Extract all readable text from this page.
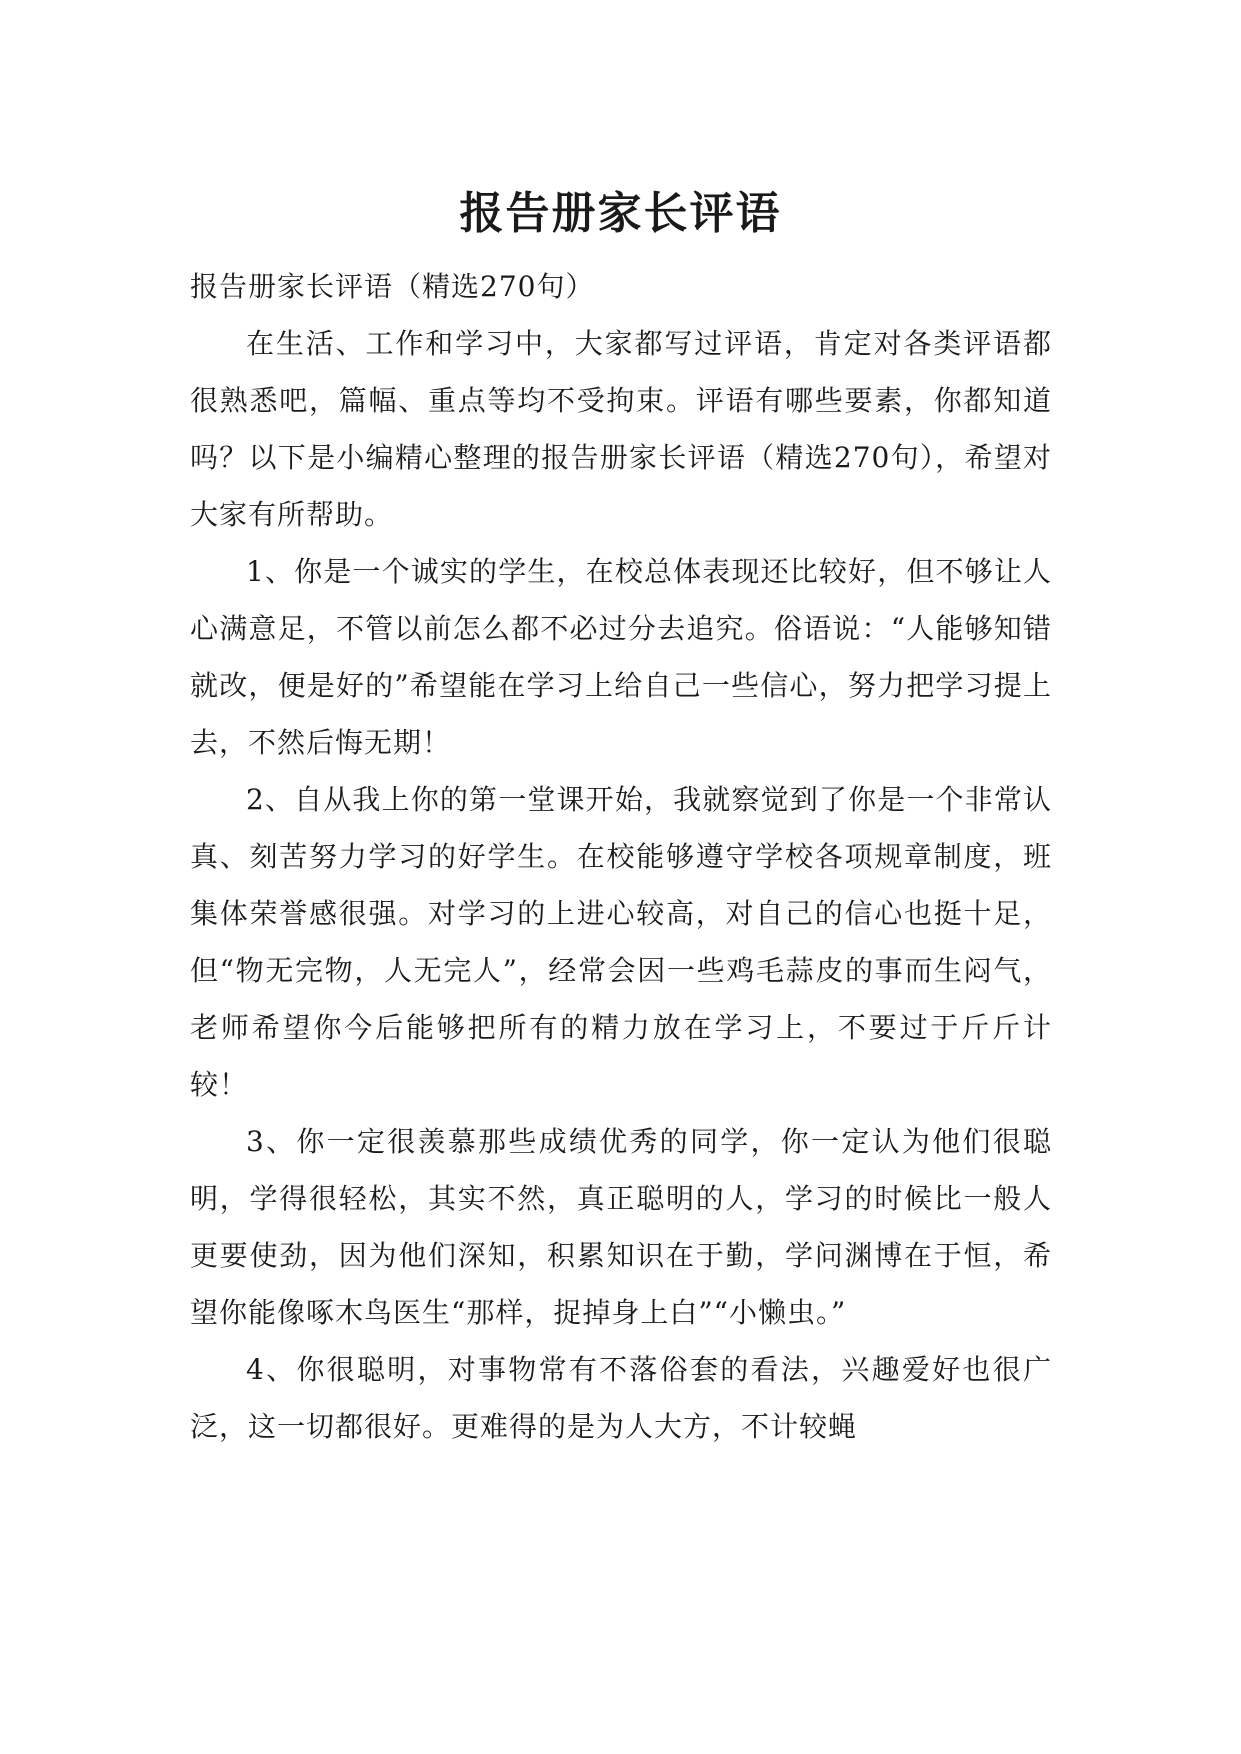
报告册家长评语

报告册家长评语（精选270句）

在生活、工作和学习中，大家都写过评语，肯定对各类评语都很熟悉吧，篇幅、重点等均不受拘束。评语有哪些要素，你都知道吗？以下是小编精心整理的报告册家长评语（精选270句），希望对大家有所帮助。

1、你是一个诚实的学生，在校总体表现还比较好，但不够让人心满意足，不管以前怎么都不必过分去追究。俗语说：“人能够知错就改，便是好的”希望能在学习上给自己一些信心，努力把学习提上去，不然后悔无期！

2、自从我上你的第一堂课开始，我就察觉到了你是一个非常认真、刻苦努力学习的好学生。在校能够遵守学校各项规章制度，班集体荣誉感很强。对学习的上进心较高，对自己的信心也挺十足，但“物无完物，人无完人”，经常会因一些鸡毛蒜皮的事而生闷气，老师希望你今后能够把所有的精力放在学习上，不要过于斤斤计较！

3、你一定很羡慕那些成绩优秀的同学，你一定认为他们很聪明，学得很轻松，其实不然，真正聪明的人，学习的时候比一般人更要使劲，因为他们深知，积累知识在于勤，学问渊博在于恒，希望你能像啄木鸟医生“那样，捉掉身上白”“小懒虫。”

4、你很聪明，对事物常有不落俗套的看法，兴趣爱好也很广泛，这一切都很好。更难得的是为人大方，不计较蝇
